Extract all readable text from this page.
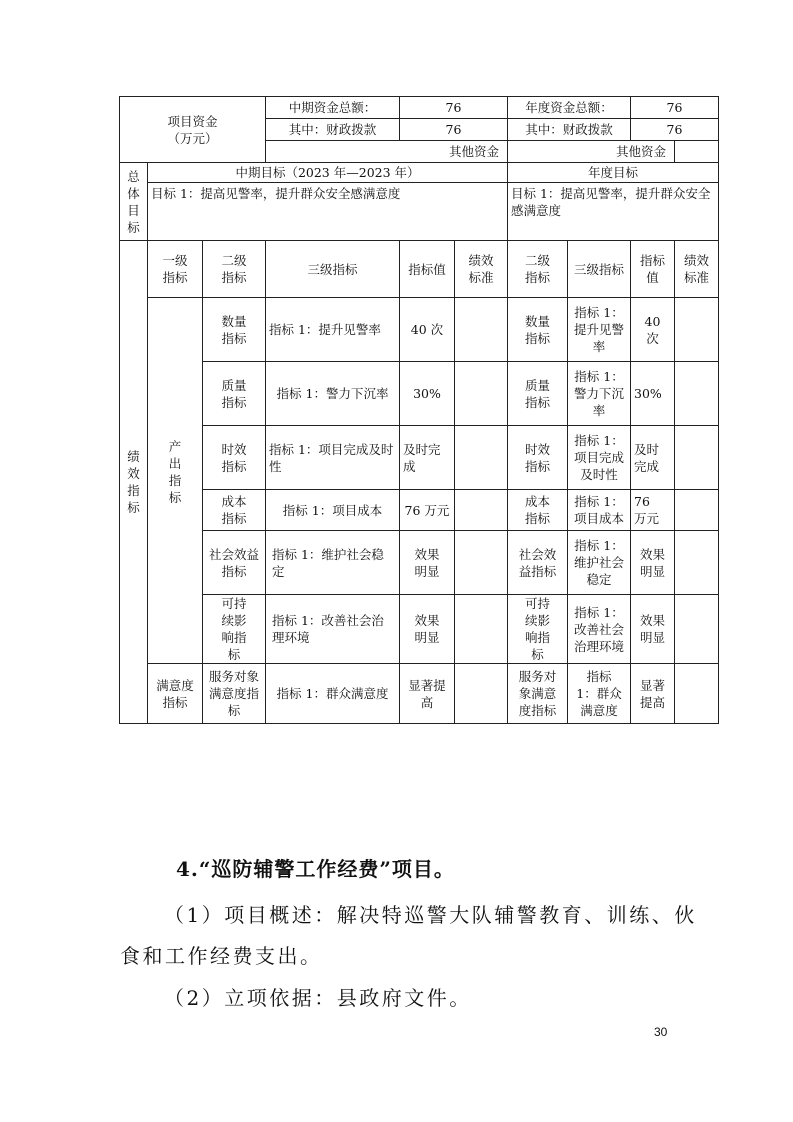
项目资金
（万元）			中期资金总额：	76		年度资金总额：		76	
			其中：财政拨款	76		其中：财政拨款		76	
			其他资金			其他资金			
总体目标	中期目标（2023 年—2023 年）					年度目标			
	目标 1：提高见警率，提升群众安全感满意度					目标 1：提高见警率，提升群众安全感满意度			
绩效指标	一级指标	二级指标	三级指标	指标值	绩效标准	二级指标	三级指标	指标值	绩效标准
	产出指标	数量指标	指标 1：提升见警率	40 次		数量指标	指标 1：提升见警率	40次	
		质量指标	指标 1：警力下沉率	30%		质量指标	指标 1：警力下沉率	30%	
		时效指标	指标 1：项目完成及时性	及时完成		时效指标	指标 1：项目完成及时性	及时完成	
		成本指标	指标 1：项目成本	76 万元		成本指标	指标 1：项目成本	76 万元	
		社会效益指标	指标 1：维护社会稳定	效果明显		社会效益指标	指标 1：维护社会稳定	效果明显	
		可持续影响指标	指标 1：改善社会治理环境	效果明显		可持续影响指标	指标 1：改善社会治理环境	效果明显	
	满意度指标	服务对象满意度指标	指标 1：群众满意度	显著提高		服务对象满意度指标	指标 1：群众满意度	显著提高	
4.“巡防辅警工作经费”项目。
（1）项目概述：解决特巡警大队辅警教育、训练、伙
食和工作经费支出。
（2）立项依据：县政府文件。
30
